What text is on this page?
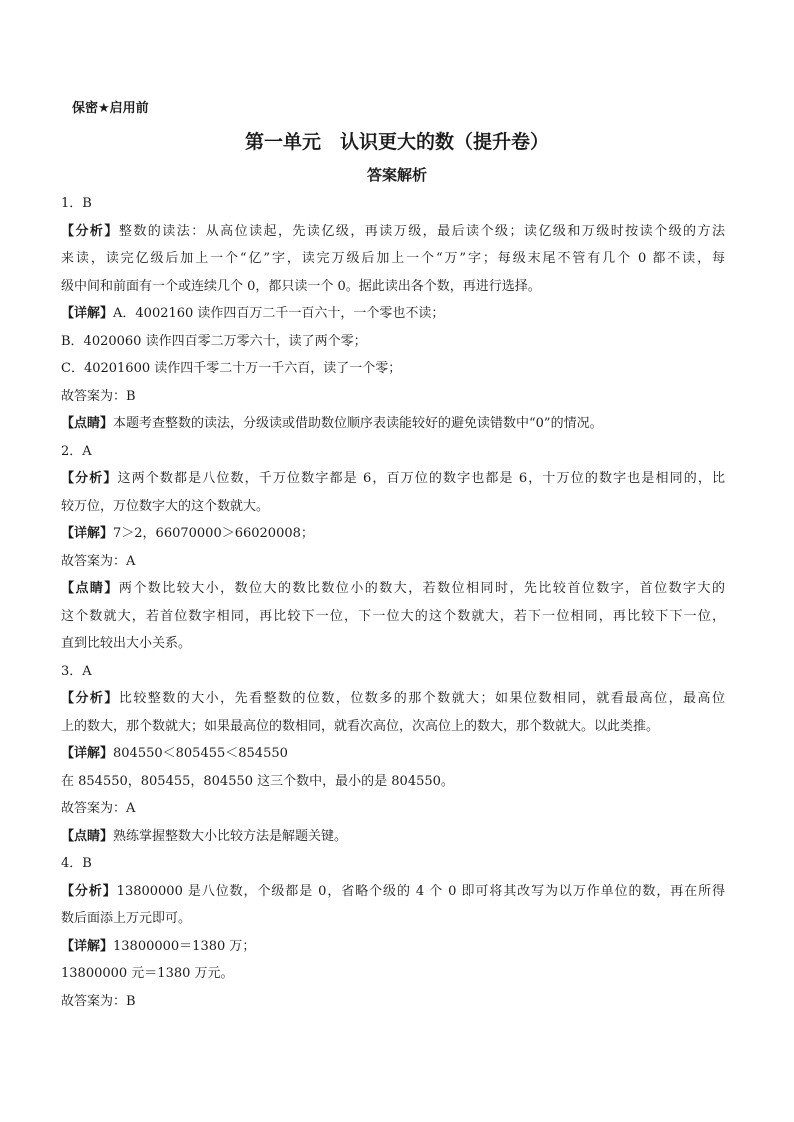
保密★启用前
第一单元　认识更大的数（提升卷）
答案解析
1．B
【分析】整数的读法：从高位读起，先读亿级，再读万级，最后读个级；读亿级和万级时按读个级的方法
来读，读完亿级后加上一个“亿”字，读完万级后加上一个“万”字；每级末尾不管有几个 0 都不读，每
级中间和前面有一个或连续几个 0，都只读一个 0。据此读出各个数，再进行选择。
【详解】A．4002160 读作四百万二千一百六十，一个零也不读；
B．4020060 读作四百零二万零六十，读了两个零；
C．40201600 读作四千零二十万一千六百，读了一个零；
故答案为：B
【点睛】本题考查整数的读法，分级读或借助数位顺序表读能较好的避免读错数中“0”的情况。
2．A
【分析】这两个数都是八位数，千万位数字都是 6，百万位的数字也都是 6，十万位的数字也是相同的，比
较万位，万位数字大的这个数就大。
【详解】7＞2，66070000＞66020008；
故答案为：A
【点睛】两个数比较大小，数位大的数比数位小的数大，若数位相同时，先比较首位数字，首位数字大的
这个数就大，若首位数字相同，再比较下一位，下一位大的这个数就大，若下一位相同，再比较下下一位，
直到比较出大小关系。
3．A
【分析】比较整数的大小，先看整数的位数，位数多的那个数就大；如果位数相同，就看最高位，最高位
上的数大，那个数就大；如果最高位的数相同，就看次高位，次高位上的数大，那个数就大。以此类推。
【详解】804550＜805455＜854550
在 854550，805455，804550 这三个数中，最小的是 804550。
故答案为：A
【点睛】熟练掌握整数大小比较方法是解题关键。
4．B
【分析】13800000 是八位数，个级都是 0，省略个级的 4 个 0 即可将其改写为以万作单位的数，再在所得
数后面添上万元即可。
【详解】13800000＝1380 万；
13800000 元＝1380 万元。
故答案为：B
